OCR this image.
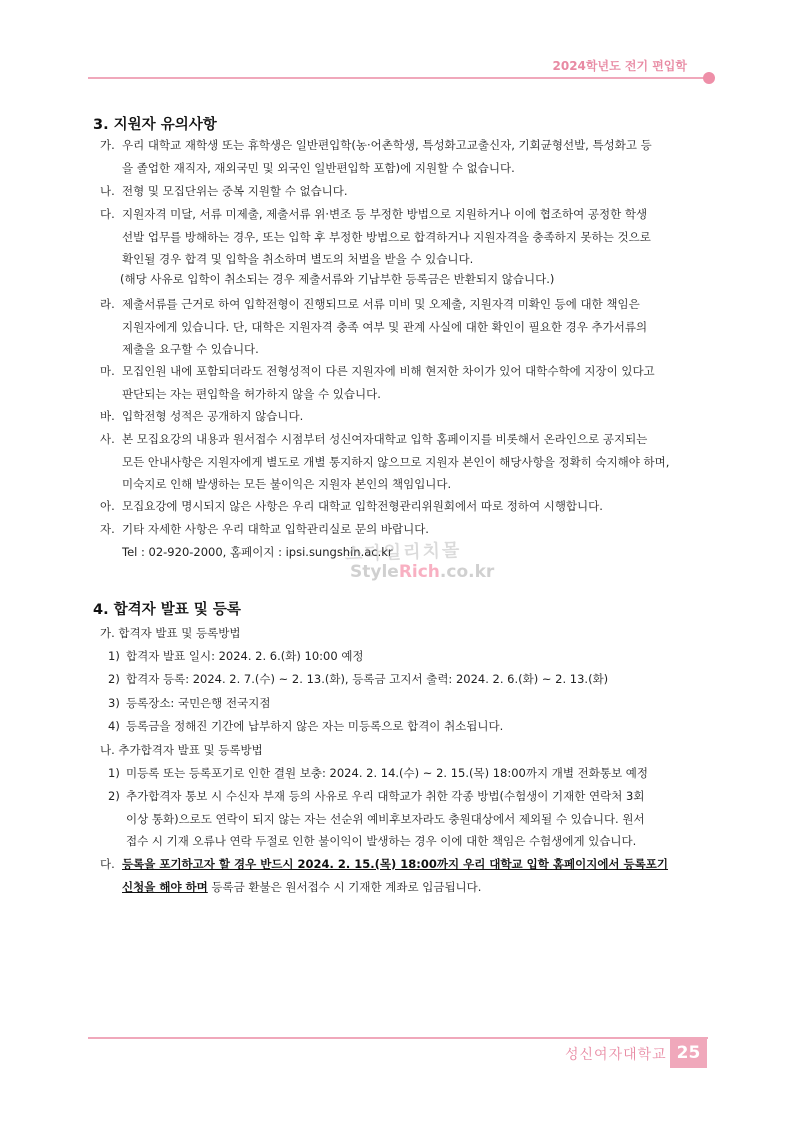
2024학년도 전기 편입학
3. 지원자 유의사항
가. 우리 대학교 재학생 또는 휴학생은 일반편입학(농·어촌학생, 특성화고교출신자, 기회균형선발, 특성화고 등
을 졸업한 재직자, 재외국민 및 외국인 일반편입학 포함)에 지원할 수 없습니다.
나. 전형 및 모집단위는 중복 지원할 수 없습니다.
다. 지원자격 미달, 서류 미제출, 제출서류 위·변조 등 부정한 방법으로 지원하거나 이에 협조하여 공정한 학생
선발 업무를 방해하는 경우, 또는 입학 후 부정한 방법으로 합격하거나 지원자격을 충족하지 못하는 것으로
확인될 경우 합격 및 입학을 취소하며 별도의 처벌을 받을 수 있습니다.
라. 제출서류를 근거로 하여 입학전형이 진행되므로 서류 미비 및 오제출, 지원자격 미확인 등에 대한 책임은
지원자에게 있습니다. 단, 대학은 지원자격 충족 여부 및 관계 사실에 대한 확인이 필요한 경우 추가서류의
제출을 요구할 수 있습니다.
마. 모집인원 내에 포함되더라도 전형성적이 다른 지원자에 비해 현저한 차이가 있어 대학수학에 지장이 있다고
판단되는 자는 편입학을 허가하지 않을 수 있습니다.
바. 입학전형 성적은 공개하지 않습니다.
사. 본 모집요강의 내용과 원서접수 시점부터 성신여자대학교 입학 홈페이지를 비롯해서 온라인으로 공지되는
모든 안내사항은 지원자에게 별도로 개별 통지하지 않으므로 지원자 본인이 해당사항을 정확히 숙지해야 하며,
미숙지로 인해 발생하는 모든 불이익은 지원자 본인의 책임입니다.
아. 모집요강에 명시되지 않은 사항은 우리 대학교 입학전형관리위원회에서 따로 정하여 시행합니다.
자. 기타 자세한 사항은 우리 대학교 입학관리실로 문의 바랍니다.
Tel : 02-920-2000, 홈페이지 : ipsi.sungshin.ac.kr
(해당 사유로 입학이 취소되는 경우 제출서류와 기납부한 등록금은 반환되지 않습니다.)
스타일리치몰
StyleRich.co.kr
4. 합격자 발표 및 등록
가. 합격자 발표 및 등록방법
1) 합격자 발표 일시: 2024. 2. 6.(화) 10:00 예정
2) 합격자 등록: 2024. 2. 7.(수) ~ 2. 13.(화), 등록금 고지서 출력: 2024. 2. 6.(화) ~ 2. 13.(화)
3) 등록장소: 국민은행 전국지점
4) 등록금을 정해진 기간에 납부하지 않은 자는 미등록으로 합격이 취소됩니다.
나. 추가합격자 발표 및 등록방법
1) 미등록 또는 등록포기로 인한 결원 보충: 2024. 2. 14.(수) ~ 2. 15.(목) 18:00까지 개별 전화통보 예정
2) 추가합격자 통보 시 수신자 부재 등의 사유로 우리 대학교가 취한 각종 방법(수험생이 기재한 연락처 3회
이상 통화)으로도 연락이 되지 않는 자는 선순위 예비후보자라도 충원대상에서 제외될 수 있습니다. 원서
접수 시 기재 오류나 연락 두절로 인한 불이익이 발생하는 경우 이에 대한 책임은 수험생에게 있습니다.
다. 등록을 포기하고자 할 경우 반드시 2024. 2. 15.(목) 18:00까지 우리 대학교 입학 홈페이지에서 등록포기
신청을 해야 하며 등록금 환불은 원서접수 시 기재한 계좌로 입금됩니다.
성신여자대학교 25
